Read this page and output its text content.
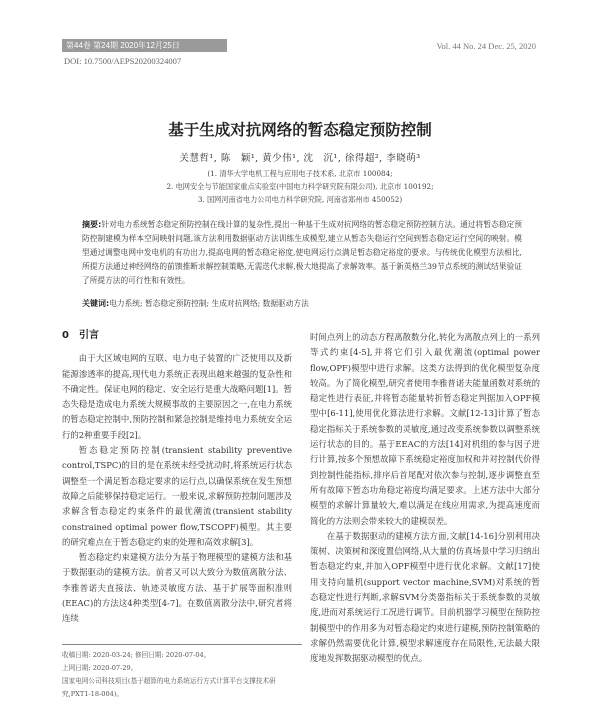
第44卷 第24期 2020年12月25日	Vol. 44 No. 24 Dec. 25, 2020
DOI: 10.7500/AEPS20200324007
基于生成对抗网络的暂态稳定预防控制
关慧哲¹, 陈　颖¹, 黄少伟¹, 沈　沉¹, 徐得超², 李晓萌³
(1. 清华大学电机工程与应用电子技术系, 北京市 100084;
2. 电网安全与节能国家重点实验室(中国电力科学研究院有限公司), 北京市 100192;
3. 国网河南省电力公司电力科学研究院, 河南省郑州市 450052)
摘要:针对电力系统暂态稳定预防控制在线计算的复杂性,提出一种基于生成对抗网络的暂态稳定预防控制方法。通过将暂态稳定预防控制建模为样本空间映射问题,该方法利用数据驱动方法训练生成模型,建立从暂态失稳运行空间到暂态稳定运行空间的映射。模型通过调整电网中发电机的有功出力,提高电网的暂态稳定裕度,使电网运行点满足暂态稳定裕度的要求。与传统优化模型方法相比,所提方法通过神经网络的前馈推断求解控制策略,无需迭代求解,极大地提高了求解效率。基于新英格兰39节点系统的测试结果验证了所提方法的可行性和有效性。
关键词:电力系统; 暂态稳定预防控制; 生成对抗网络; 数据驱动方法
0　引言

由于大区域电网的互联、电力电子装置的广泛使用以及新能源渗透率的提高,现代电力系统正表现出越来越强的复杂性和不确定性。保证电网的稳定、安全运行是重大战略问题[1]。暂态失稳是造成电力系统大规模事故的主要原因之一,在电力系统的暂态稳定控制中,预防控制和紧急控制是维持电力系统安全运行的2种重要手段[2]。

暂态稳定预防控制(transient stability preventive control,TSPC)的目的是在系统未经受扰动时,将系统运行状态调整至一个满足暂态稳定要求的运行点,以确保系统在发生预想故障之后能够保持稳定运行。一般来说,求解预防控制问题涉及求解含暂态稳定约束条件的最优潮流(transient stability constrained optimal power flow,TSCOPF)模型。其主要的研究难点在于暂态稳定约束的处理和高效求解[3]。

暂态稳定约束建模方法分为基于物理模型的建模方法和基于数据驱动的建模方法。前者又可以大致分为数值离散分法、李雅普诺夫直接法、轨迹灵敏度方法、基于扩展等面积准则(EEAC)的方法这4种类型[4-7]。在数值离散分法中,研究者将连续

时间点列上的动态方程离散数分化,转化为离散点列上的一系列等式约束[4-5],并将它们引入最优潮流(optimal power flow,OPF)模型中进行求解。这类方法得到的优化模型复杂度较高。为了简化模型,研究者使用李雅普诺夫能量函数对系统的稳定性进行表征,并将暂态能量转折暂态稳定判据加入OPF模型中[6-11],使用优化算法进行求解。文献[12-13]计算了暂态稳定指标关于系统参数的灵敏度,通过改变系统参数以调整系统运行状态的目的。基于EEAC的方法[14]对机组的参与因子进行计算,按多个预想故障下系统稳定裕度加权和并对控制代价得到控制性能指标,排序后首尾配对依次参与控制,逐步调整直至所有故障下暂态功角稳定裕度均满足要求。上述方法中大部分模型的求解计算量较大,难以满足在线应用需求,为提高速度而简化的方法则会带来较大的建模误差。

在基于数据驱动的建模方法方面,文献[14-16]分别利用决策树、决策树和深度置信网络,从大量的仿真场景中学习归纳出暂态稳定约束,并加入OPF模型中进行优化求解。文献[17]使用支持向量机(support vector machine,SVM)对系统的暂态稳定性进行判断,求解SVM分类器指标关于系统参数的灵敏度,进而对系统运行工况进行调节。目前机器学习模型在预防控制模型中的作用多为对暂态稳定约束进行建模,预防控制策略的求解仍然需要优化计算,模型求解速度存在局限性,无法最大限度地发挥数据驱动模型的优点。

收稿日期: 2020-03-24; 修回日期: 2020-07-04。
上网日期: 2020-07-29。
国家电网公司科技项目(基于超算的电力系统运行方式计算平台支撑技术研究,PXT1-18-004)。
